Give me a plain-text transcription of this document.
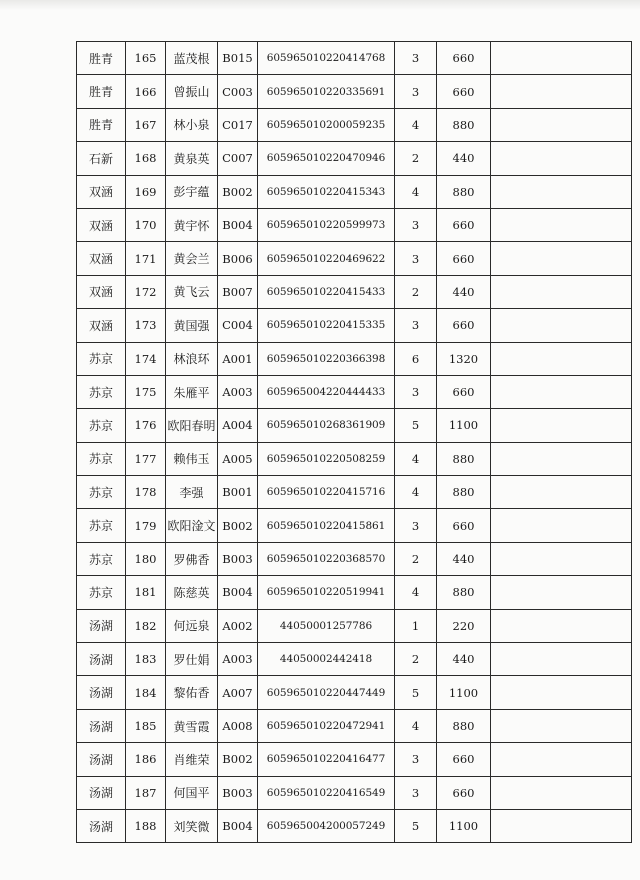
胜青	165	蓝茂根	B015	605965010220414768	3	660	
胜青	166	曾振山	C003	605965010220335691	3	660	
胜青	167	林小泉	C017	605965010200059235	4	880	
石新	168	黄泉英	C007	605965010220470946	2	440	
双涵	169	彭宇蕴	B002	605965010220415343	4	880	
双涵	170	黄宇怀	B004	605965010220599973	3	660	
双涵	171	黄会兰	B006	605965010220469622	3	660	
双涵	172	黄飞云	B007	605965010220415433	2	440	
双涵	173	黄国强	C004	605965010220415335	3	660	
苏京	174	林浪环	A001	605965010220366398	6	1320	
苏京	175	朱雁平	A003	605965004220444433	3	660	
苏京	176	欧阳春明	A004	605965010268361909	5	1100	
苏京	177	赖伟玉	A005	605965010220508259	4	880	
苏京	178	李强	B001	605965010220415716	4	880	
苏京	179	欧阳淦文	B002	605965010220415861	3	660	
苏京	180	罗佛香	B003	605965010220368570	2	440	
苏京	181	陈慈英	B004	605965010220519941	4	880	
汤湖	182	何远泉	A002	44050001257786	1	220	
汤湖	183	罗仕娟	A003	44050002442418	2	440	
汤湖	184	黎佑香	A007	605965010220447449	5	1100	
汤湖	185	黄雪霞	A008	605965010220472941	4	880	
汤湖	186	肖维荣	B002	605965010220416477	3	660	
汤湖	187	何国平	B003	605965010220416549	3	660	
汤湖	188	刘笑微	B004	605965004200057249	5	1100	
